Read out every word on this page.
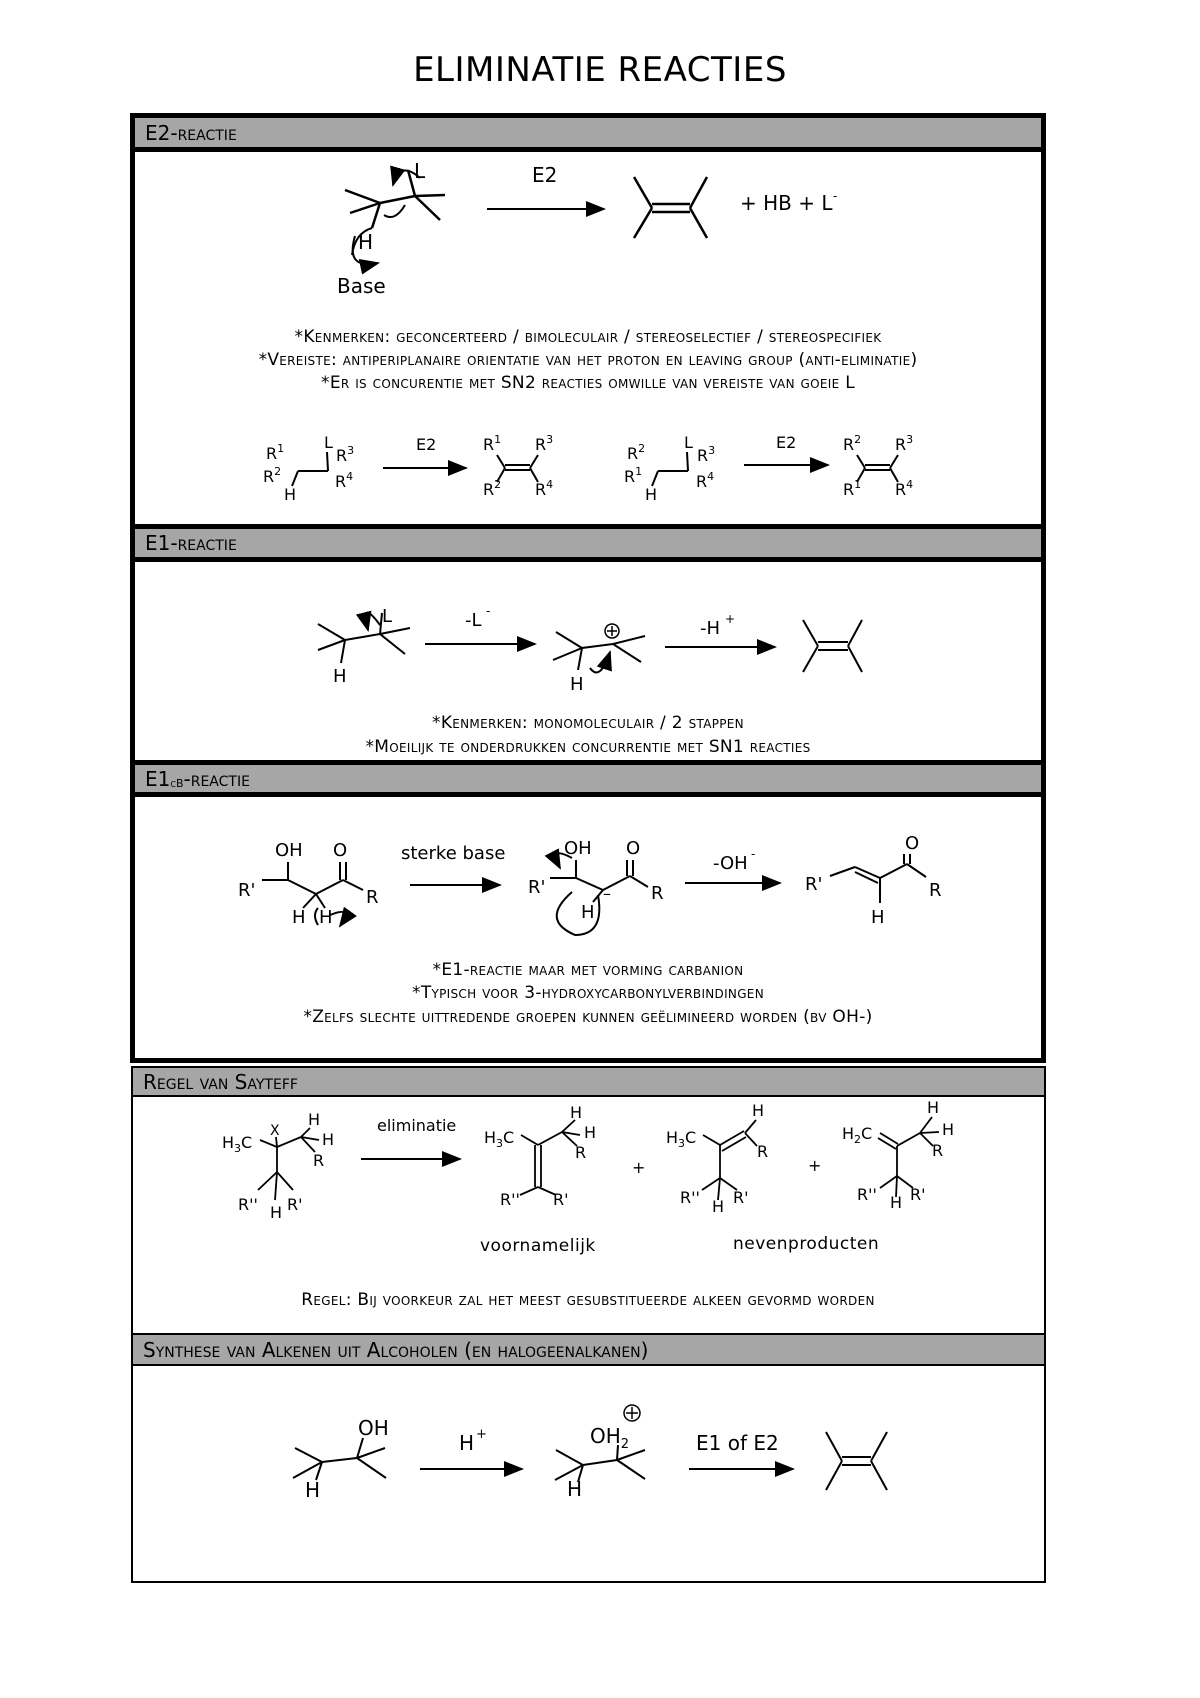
ELIMINATIE REACTIES
E2-reactie
E1-reactie
E1 cB - reactie
Regel van Sayteff
Synthese van Alkenen uit Alcoholen (en halogeenalkanen)
*Kenmerken: geconcerteerd / bimoleculair / stereoselectief / stereospecifiek
*Vereiste: antiperiplanaire orientatie van het proton en leaving group (anti-eliminatie)
*Er is concurentie met SN2 reacties omwille van vereiste van goeie L
*Kenmerken: monomoleculair / 2 stappen
*Moeilijk te onderdrukken concurrentie met SN1 reacties
*E1-reactie maar met vorming carbanion
*Typisch voor 3-hydroxycarbonylverbindingen
*Zelfs slechte uittredende groepen kunnen geëlimineerd worden (bv OH-)
voornamelijk	nevenproducten
Regel: Bij voorkeur zal het meest gesubstitueerde alkeen gevormd worden
L
H
Base
E2
+ HB + L -
$R^1$
$R^2$
H
L
$R^3$
$R^4$
E2	$R^1$
$R^2$
$R^3$
$R^4$
$R^2$
$R^1$
H
L
$R^3$
$R^4$
E2	$R^2$
$R^1$
$R^3$
$R^4$
L
H
-L -
H
-H +
OH O
R'	R
H H
sterke base	OH O
R'	R
H
–
-OH -	O
R'	R
H
$H_3C$
X
H
H
R
R'' H R'
eliminatie
$H_3C$
H
H
R
R'' R'
+
$H_3C$
H
R
R'' H R'
+
$H_2C$
H
H
R
R'' H R'
OH
H
H +	$OH_2$
H
E1 of E2
